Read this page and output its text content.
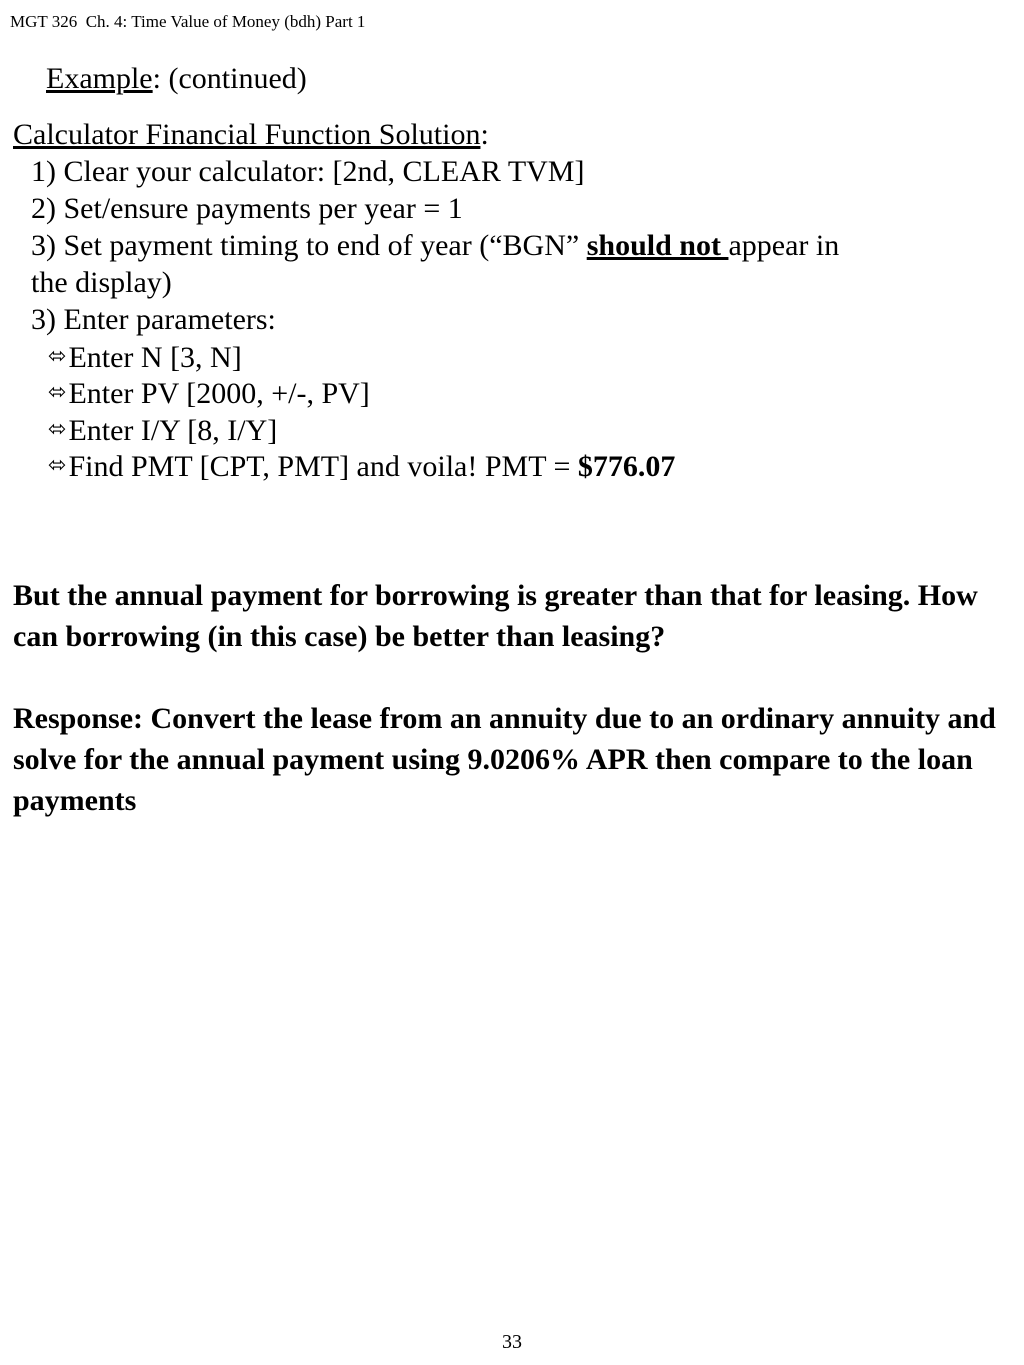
MGT 326  Ch. 4: Time Value of Money (bdh) Part 1
Example: (continued)
Calculator Financial Function Solution:
1) Clear your calculator: [2nd, CLEAR TVM]
2) Set/ensure payments per year = 1
3) Set payment timing to end of year (“BGN” should not appear in
the display)
3) Enter parameters:
⬄Enter N [3, N]
⬄Enter PV [2000, +/-, PV]
⬄Enter I/Y [8, I/Y]
⬄Find PMT [CPT, PMT] and voila! PMT = $776.07
But the annual payment for borrowing is greater than that for leasing. How can borrowing (in this case) be better than leasing?
Response: Convert the lease from an annuity due to an ordinary annuity and solve for the annual payment using 9.0206% APR then compare to the loan payments
33
